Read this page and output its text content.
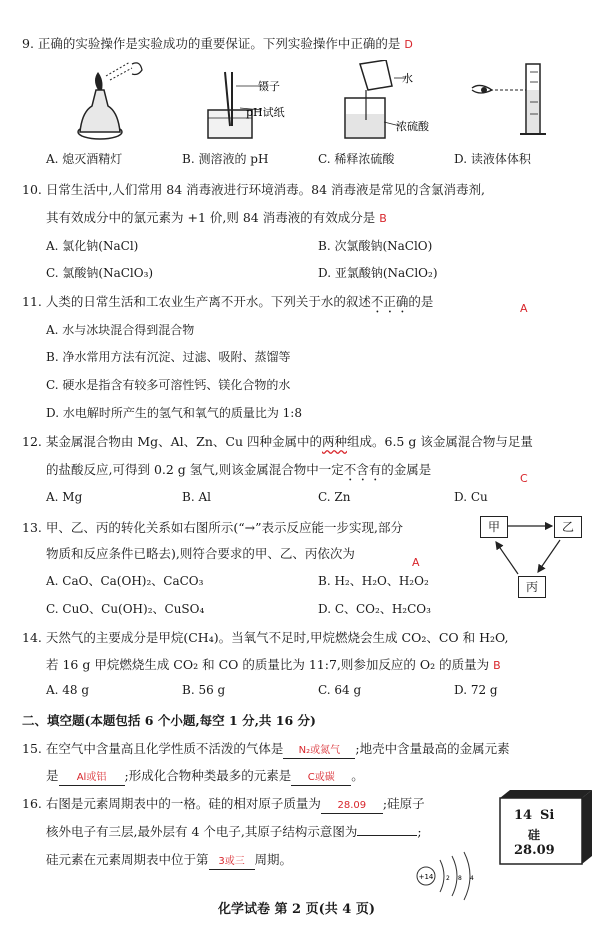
9. 正确的实验操作是实验成功的重要保证。下列实验操作中正确的是 D
镊子
pH试纸
水
浓硫酸
A. 熄灭酒精灯	B. 测溶液的 pH	C. 稀释浓硫酸	D. 读液体体积
10. 日常生活中,人们常用 84 消毒液进行环境消毒。84 消毒液是常见的含氯消毒剂,
其有效成分中的氯元素为 +1 价,则 84 消毒液的有效成分是 B
A. 氯化钠(NaCl)	B. 次氯酸钠(NaClO)
C. 氯酸钠(NaClO₃)	D. 亚氯酸钠(NaClO₂)
11. 人类的日常生活和工农业生产离不开水。下列关于水的叙述不正确的是	A
A. 水与冰块混合得到混合物
B. 净水常用方法有沉淀、过滤、吸附、蒸馏等
C. 硬水是指含有较多可溶性钙、镁化合物的水
D. 水电解时所产生的氢气和氧气的质量比为 1:8
12. 某金属混合物由 Mg、Al、Zn、Cu 四种金属中的两种组成。6.5 g 该金属混合物与足量
的盐酸反应,可得到 0.2 g 氢气,则该金属混合物中一定不含有的金属是
C
A. Mg	B. Al	C. Zn	D. Cu
13. 甲、乙、丙的转化关系如右图所示(“→”表示反应能一步实现,部分
物质和反应条件已略去),则符合要求的甲、乙、丙依次为
A
A. CaO、Ca(OH)₂、CaCO₃	B. H₂、H₂O、H₂O₂
C. CuO、Cu(OH)₂、CuSO₄	D. C、CO₂、H₂CO₃
甲	乙
丙
14. 天然气的主要成分是甲烷(CH₄)。当氧气不足时,甲烷燃烧会生成 CO₂、CO 和 H₂O,
若 16 g 甲烷燃烧生成 CO₂ 和 CO 的质量比为 11:7,则参加反应的 O₂ 的质量为 B
A. 48 g	B. 56 g	C. 64 g	D. 72 g
二、填空题(本题包括 6 个小题,每空 1 分,共 16 分)
15. 在空气中含量高且化学性质不活泼的气体是 N₂或氮气 ;地壳中含量最高的金属元素
是 Al或铝 ;形成化合物种类最多的元素是 C或碳 。
16. 右图是元素周期表中的一格。硅的相对原子质量为 28.09 ;硅原子
核外电子有三层,最外层有 4 个电子,其原子结构示意图为	;
硅元素在元素周期表中位于第 3或三 周期。
+14 2 8 4
14 Si
硅
28.09
化学试卷 第 2 页(共 4 页)
